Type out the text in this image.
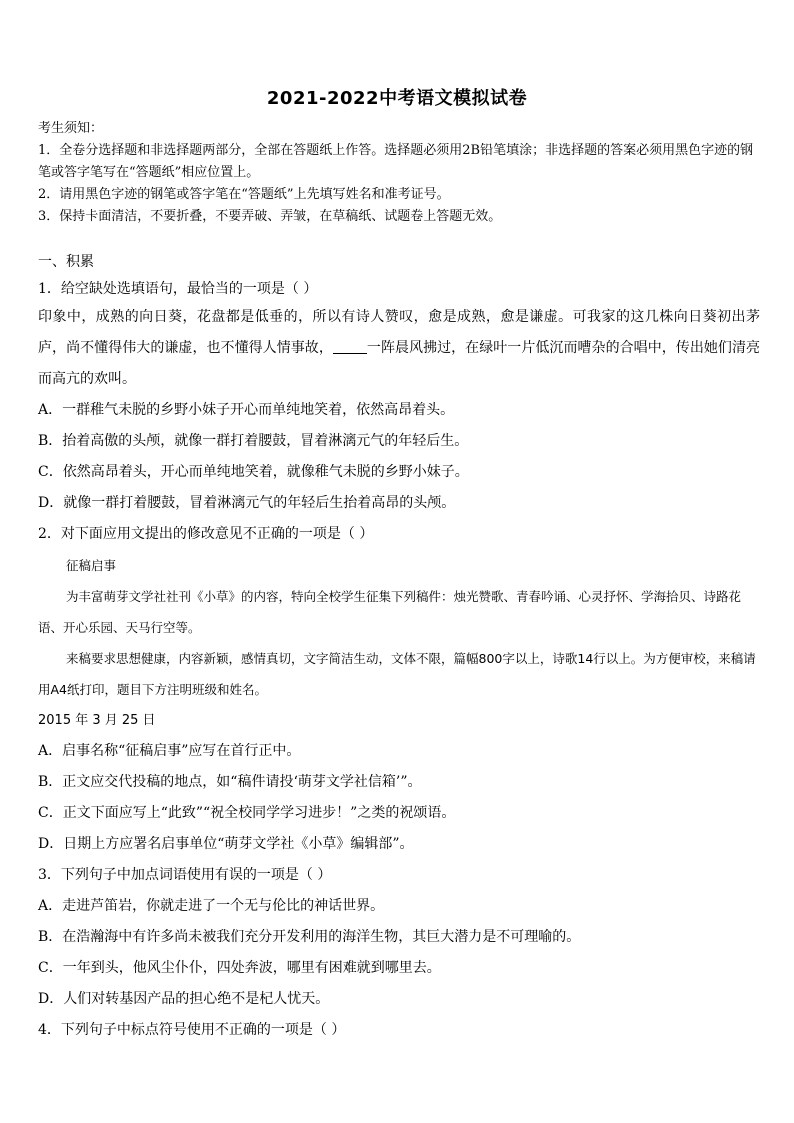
2021-2022中考语文模拟试卷

考生须知：

1．全卷分选择题和非选择题两部分，全部在答题纸上作答。选择题必须用2B铅笔填涂；非选择题的答案必须用黑色字迹的钢笔或答字笔写在“答题纸”相应位置上。

2．请用黑色字迹的钢笔或答字笔在“答题纸”上先填写姓名和准考证号。

3．保持卡面清洁，不要折叠，不要弄破、弄皱，在草稿纸、试题卷上答题无效。

一、积累

1．给空缺处选填语句，最恰当的一项是（ ）

印象中，成熟的向日葵，花盘都是低垂的，所以有诗人赞叹，愈是成熟，愈是谦虚。可我家的这几株向日葵初出茅庐，尚不懂得伟大的谦虚，也不懂得人情事故， 一阵晨风拂过，在绿叶一片低沉而嘈杂的合唱中，传出她们清亮而高亢的欢叫。

A．一群稚气未脱的乡野小妹子开心而单纯地笑着，依然高昂着头。

B．抬着高傲的头颅，就像一群打着腰鼓，冒着淋漓元气的年轻后生。

C．依然高昂着头，开心而单纯地笑着，就像稚气未脱的乡野小妹子。

D．就像一群打着腰鼓，冒着淋漓元气的年轻后生抬着高昂的头颅。

2．对下面应用文提出的修改意见不正确的一项是（ ）

征稿启事

为丰富萌芽文学社社刊《小草》的内容，特向全校学生征集下列稿件：烛光赞歌、青春吟诵、心灵抒怀、学海拾贝、诗路花语、开心乐园、天马行空等。

来稿要求思想健康，内容新颖，感情真切，文字简洁生动，文体不限，篇幅800字以上，诗歌14行以上。为方便审校，来稿请用A4纸打印，题目下方注明班级和姓名。

2015 年 3 月 25 日

A．启事名称“征稿启事”应写在首行正中。

B．正文应交代投稿的地点，如“稿件请投‘萌芽文学社信箱’”。

C．正文下面应写上“此致”“祝全校同学学习进步！”之类的祝颂语。

D．日期上方应署名启事单位“萌芽文学社《小草》编辑部”。

3．下列句子中加点词语使用有误的一项是（ ）

A．走进芦笛岩，你就走进了一个无与伦比的神话世界。

B．在浩瀚海中有许多尚未被我们充分开发利用的海洋生物，其巨大潜力是不可理喻的。

C．一年到头，他风尘仆仆，四处奔波，哪里有困难就到哪里去。

D．人们对转基因产品的担心绝不是杞人忧天。

4．下列句子中标点符号使用不正确的一项是（ ）
